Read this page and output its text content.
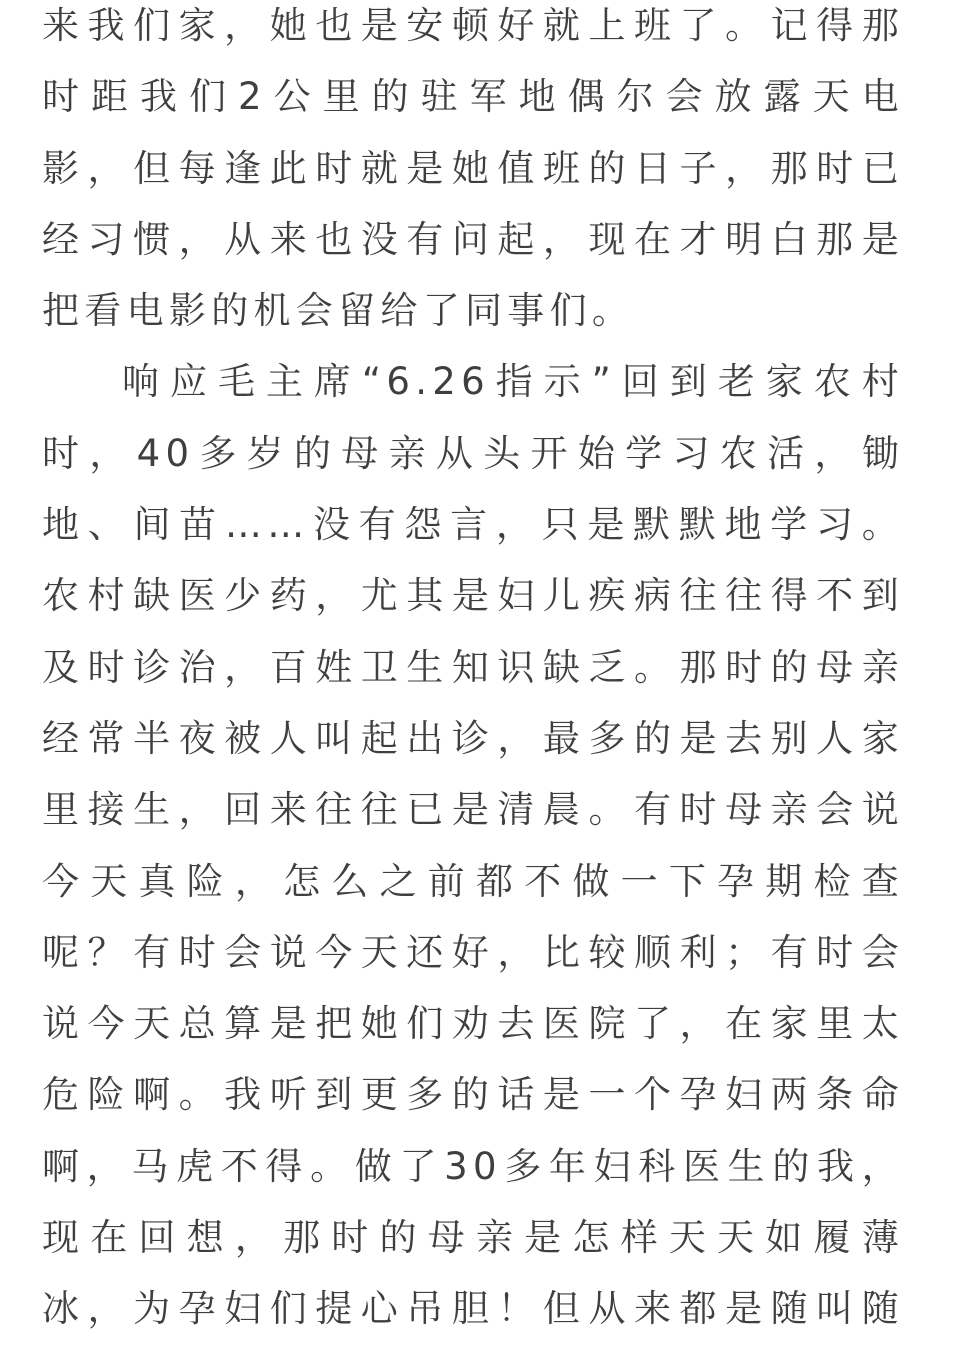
来我们家，她也是安顿好就上班了。记得那
时距我们2公里的驻军地偶尔会放露天电
影，但每逢此时就是她值班的日子，那时已
经习惯，从来也没有问起，现在才明白那是
把看电影的机会留给了同事们。

响应毛主席“6.26指示”回到老家农村
时，40多岁的母亲从头开始学习农活，锄
地、间苗……没有怨言，只是默默地学习。
农村缺医少药，尤其是妇儿疾病往往得不到
及时诊治，百姓卫生知识缺乏。那时的母亲
经常半夜被人叫起出诊，最多的是去别人家
里接生，回来往往已是清晨。有时母亲会说
今天真险，怎么之前都不做一下孕期检查
呢？有时会说今天还好，比较顺利；有时会
说今天总算是把她们劝去医院了，在家里太
危险啊。我听到更多的话是一个孕妇两条命
啊，马虎不得。做了30多年妇科医生的我，
现在回想，那时的母亲是怎样天天如履薄
冰，为孕妇们提心吊胆！但从来都是随叫随
